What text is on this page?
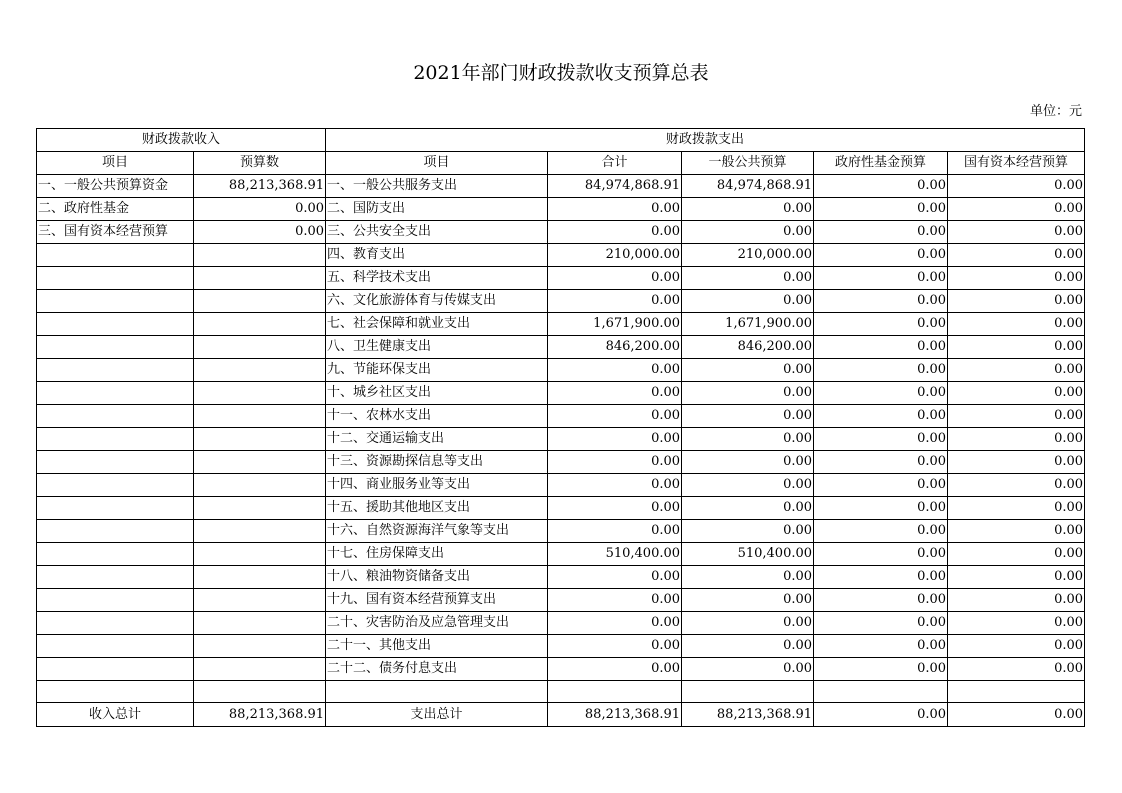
2021年部门财政拨款收支预算总表
单位：元
财政拨款收入		财政拨款支出				
项目	预算数	项目	合计	一般公共预算	政府性基金预算	国有资本经营预算
一、一般公共预算资金	88,213,368.91	一、一般公共服务支出	84,974,868.91	84,974,868.91	0.00	0.00
二、政府性基金	0.00	二、国防支出	0.00	0.00	0.00	0.00
三、国有资本经营预算	0.00	三、公共安全支出	0.00	0.00	0.00	0.00
		四、教育支出	210,000.00	210,000.00	0.00	0.00
		五、科学技术支出	0.00	0.00	0.00	0.00
		六、文化旅游体育与传媒支出	0.00	0.00	0.00	0.00
		七、社会保障和就业支出	1,671,900.00	1,671,900.00	0.00	0.00
		八、卫生健康支出	846,200.00	846,200.00	0.00	0.00
		九、节能环保支出	0.00	0.00	0.00	0.00
		十、城乡社区支出	0.00	0.00	0.00	0.00
		十一、农林水支出	0.00	0.00	0.00	0.00
		十二、交通运输支出	0.00	0.00	0.00	0.00
		十三、资源勘探信息等支出	0.00	0.00	0.00	0.00
		十四、商业服务业等支出	0.00	0.00	0.00	0.00
		十五、援助其他地区支出	0.00	0.00	0.00	0.00
		十六、自然资源海洋气象等支出	0.00	0.00	0.00	0.00
		十七、住房保障支出	510,400.00	510,400.00	0.00	0.00
		十八、粮油物资储备支出	0.00	0.00	0.00	0.00
		十九、国有资本经营预算支出	0.00	0.00	0.00	0.00
		二十、灾害防治及应急管理支出	0.00	0.00	0.00	0.00
		二十一、其他支出	0.00	0.00	0.00	0.00
		二十二、债务付息支出	0.00	0.00	0.00	0.00

收入总计	88,213,368.91	支出总计	88,213,368.91	88,213,368.91	0.00	0.00
